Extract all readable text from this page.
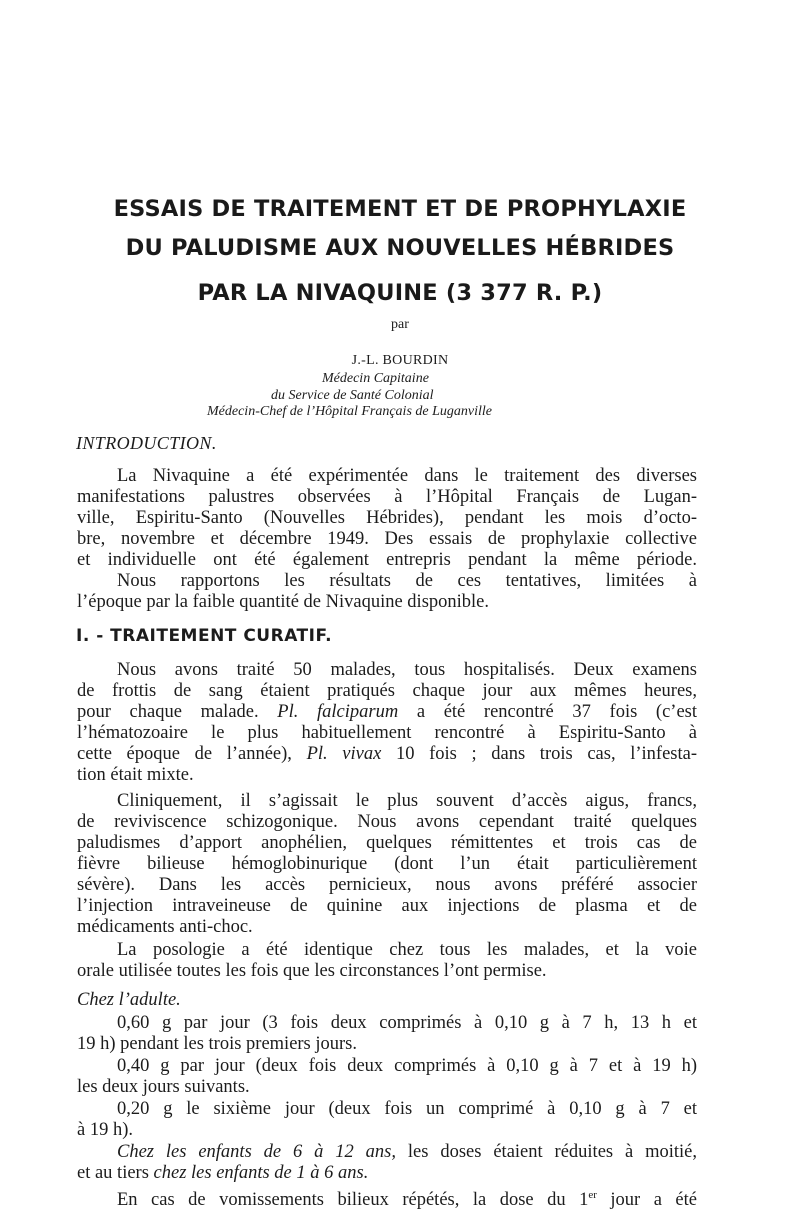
ESSAIS DE TRAITEMENT ET DE PROPHYLAXIE
DU PALUDISME AUX NOUVELLES HÉBRIDES
PAR LA NIVAQUINE (3 377 R. P.)
par
J.-L. BOURDIN
Médecin Capitaine
du Service de Santé Colonial
Médecin-Chef de l’Hôpital Français de Luganville
INTRODUCTION.
La Nivaquine a été expérimentée dans le traitement des diverses
manifestations palustres observées à l’Hôpital Français de Lugan-
ville, Espiritu-Santo (Nouvelles Hébrides), pendant les mois d’octo-
bre, novembre et décembre 1949. Des essais de prophylaxie collective
et individuelle ont été également entrepris pendant la même période.
Nous rapportons les résultats de ces tentatives, limitées à
l’époque par la faible quantité de Nivaquine disponible.
I. - TRAITEMENT CURATIF.
Nous avons traité 50 malades, tous hospitalisés. Deux examens
de frottis de sang étaient pratiqués chaque jour aux mêmes heures,
pour chaque malade. Pl. falciparum a été rencontré 37 fois (c’est
l’hématozoaire le plus habituellement rencontré à Espiritu-Santo à
cette époque de l’année), Pl. vivax 10 fois ; dans trois cas, l’infesta-
tion était mixte.
Cliniquement, il s’agissait le plus souvent d’accès aigus, francs,
de reviviscence schizogonique. Nous avons cependant traité quelques
paludismes d’apport anophélien, quelques rémittentes et trois cas de
fièvre bilieuse hémoglobinurique (dont l’un était particulièrement
sévère). Dans les accès pernicieux, nous avons préféré associer
l’injection intraveineuse de quinine aux injections de plasma et de
médicaments anti-choc.
La posologie a été identique chez tous les malades, et la voie
orale utilisée toutes les fois que les circonstances l’ont permise.
Chez l’adulte.
0,60 g par jour (3 fois deux comprimés à 0,10 g à 7 h, 13 h et
19 h) pendant les trois premiers jours.
0,40 g par jour (deux fois deux comprimés à 0,10 g à 7 et à 19 h)
les deux jours suivants.
0,20 g le sixième jour (deux fois un comprimé à 0,10 g à 7 et
à 19 h).
Chez les enfants de 6 à 12 ans, les doses étaient réduites à moitié,
et au tiers chez les enfants de 1 à 6 ans.
En cas de vomissements bilieux répétés, la dose du 1er jour a été
